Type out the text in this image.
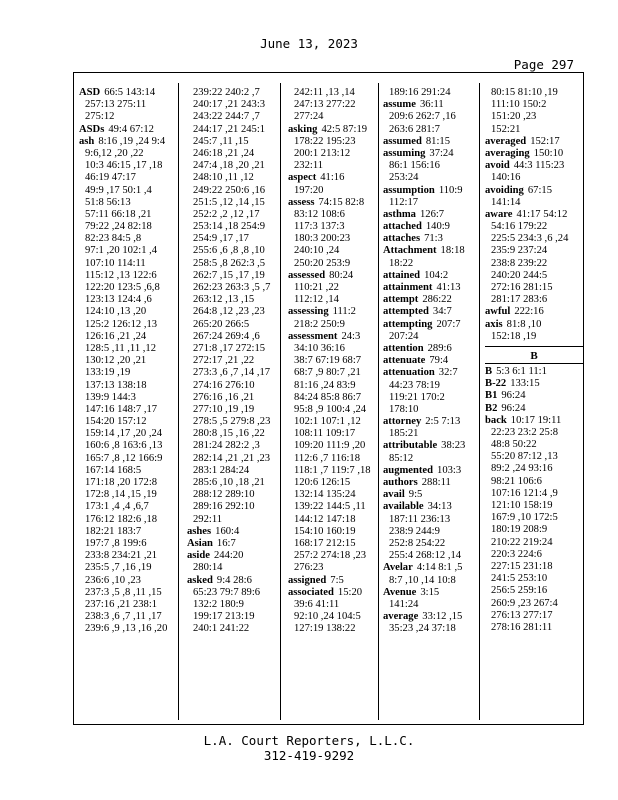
June 13, 2023
Page 297
ASD 66:5 143:14
257:13 275:11
275:12
ASDs 49:4 67:12
ash 8:16 ,19 ,24 9:4
9:6,12 ,20 ,22
10:3 46:15 ,17 ,18
46:19 47:17
49:9 ,17 50:1 ,4
51:8 56:13
57:11 66:18 ,21
79:22 ,24 82:18
82:23 84:5 ,8
97:1 ,20 102:1 ,4
107:10 114:11
115:12 ,13 122:6
122:20 123:5 ,6,8
123:13 124:4 ,6
124:10 ,13 ,20
125:2 126:12 ,13
126:16 ,21 ,24
128:5 ,11 ,11 ,12
130:12 ,20 ,21
133:19 ,19
137:13 138:18
139:9 144:3
147:16 148:7 ,17
154:20 157:12
159:14 ,17 ,20 ,24
160:6 ,8 163:6 ,13
165:7 ,8 ,12 166:9
167:14 168:5
171:18 ,20 172:8
172:8 ,14 ,15 ,19
173:1 ,4 ,4 ,6,7
176:12 182:6 ,18
182:21 183:7
197:7 ,8 199:6
233:8 234:21 ,21
235:5 ,7 ,16 ,19
236:6 ,10 ,23
237:3 ,5 ,8 ,11 ,15
237:16 ,21 238:1
238:3 ,6 ,7 ,11 ,17
239:6 ,9 ,13 ,16 ,20
239:22 240:2 ,7
240:17 ,21 243:3
243:22 244:7 ,7
244:17 ,21 245:1
245:7 ,11 ,15
246:18 ,21 ,24
247:4 ,18 ,20 ,21
248:10 ,11 ,12
249:22 250:6 ,16
251:5 ,12 ,14 ,15
252:2 ,2 ,12 ,17
253:14 ,18 254:9
254:9 ,17 ,17
255:6 ,6 ,8 ,8 ,10
258:5 ,8 262:3 ,5
262:7 ,15 ,17 ,19
262:23 263:3 ,5 ,7
263:12 ,13 ,15
264:8 ,12 ,23 ,23
265:20 266:5
267:24 269:4 ,6
271:8 ,17 272:15
272:17 ,21 ,22
273:3 ,6 ,7 ,14 ,17
274:16 276:10
276:16 ,16 ,21
277:10 ,19 ,19
278:5 ,5 279:8 ,23
280:8 ,15 ,16 ,22
281:24 282:2 ,3
282:14 ,21 ,21 ,23
283:1 284:24
285:6 ,10 ,18 ,21
288:12 289:10
289:16 292:10
292:11
ashes 160:4
Asian 16:7
aside 244:20
280:14
asked 9:4 28:6
65:23 79:7 89:6
132:2 180:9
199:17 213:19
240:1 241:22
242:11 ,13 ,14
247:13 277:22
277:24
asking 42:5 87:19
178:22 195:23
200:1 213:12
232:11
aspect 41:16
197:20
assess 74:15 82:8
83:12 108:6
117:3 137:3
180:3 200:23
240:10 ,24
250:20 253:9
assessed 80:24
110:21 ,22
112:12 ,14
assessing 111:2
218:2 250:9
assessment 24:3
34:10 36:16
38:7 67:19 68:7
68:7 ,9 80:7 ,21
81:16 ,24 83:9
84:24 85:8 86:7
95:8 ,9 100:4 ,24
102:1 107:1 ,12
108:11 109:17
109:20 111:9 ,20
112:6 ,7 116:18
118:1 ,7 119:7 ,18
120:6 126:15
132:14 135:24
139:22 144:5 ,11
144:12 147:18
154:10 160:19
168:17 212:15
257:2 274:18 ,23
276:23
assigned 7:5
associated 15:20
39:6 41:11
92:10 ,24 104:5
127:19 138:22
189:16 291:24
assume 36:11
209:6 262:7 ,16
263:6 281:7
assumed 81:15
assuming 37:24
86:1 156:16
253:24
assumption 110:9
112:17
asthma 126:7
attached 140:9
attaches 71:3
Attachment 18:18
18:22
attained 104:2
attainment 41:13
attempt 286:22
attempted 34:7
attempting 207:7
207:24
attention 289:6
attenuate 79:4
attenuation 32:7
44:23 78:19
119:21 170:2
178:10
attorney 2:5 7:13
185:21
attributable 38:23
85:12
augmented 103:3
authors 288:11
avail 9:5
available 34:13
187:11 236:13
238:9 244:9
252:8 254:22
255:4 268:12 ,14
Avelar 4:14 8:1 ,5
8:7 ,10 ,14 10:8
Avenue 3:15
141:24
average 33:12 ,15
35:23 ,24 37:18
80:15 81:10 ,19
111:10 150:2
151:20 ,23
152:21
averaged 152:17
averaging 150:10
avoid 44:3 115:23
140:16
avoiding 67:15
141:14
aware 41:17 54:12
54:16 179:22
225:5 234:3 ,6 ,24
235:9 237:24
238:8 239:22
240:20 244:5
272:16 281:15
281:17 283:6
awful 222:16
axis 81:8 ,10
152:18 ,19
B
B 5:3 6:1 11:1
B-22 133:15
B1 96:24
B2 96:24
back 10:17 19:11
22:23 23:2 25:8
48:8 50:22
55:20 87:12 ,13
89:2 ,24 93:16
98:21 106:6
107:16 121:4 ,9
121:10 158:19
167:9 ,10 172:5
180:19 208:9
210:22 219:24
220:3 224:6
227:15 231:18
241:5 253:10
256:5 259:16
260:9 ,23 267:4
276:13 277:17
278:16 281:11
L.A. Court Reporters, L.L.C.
312-419-9292
